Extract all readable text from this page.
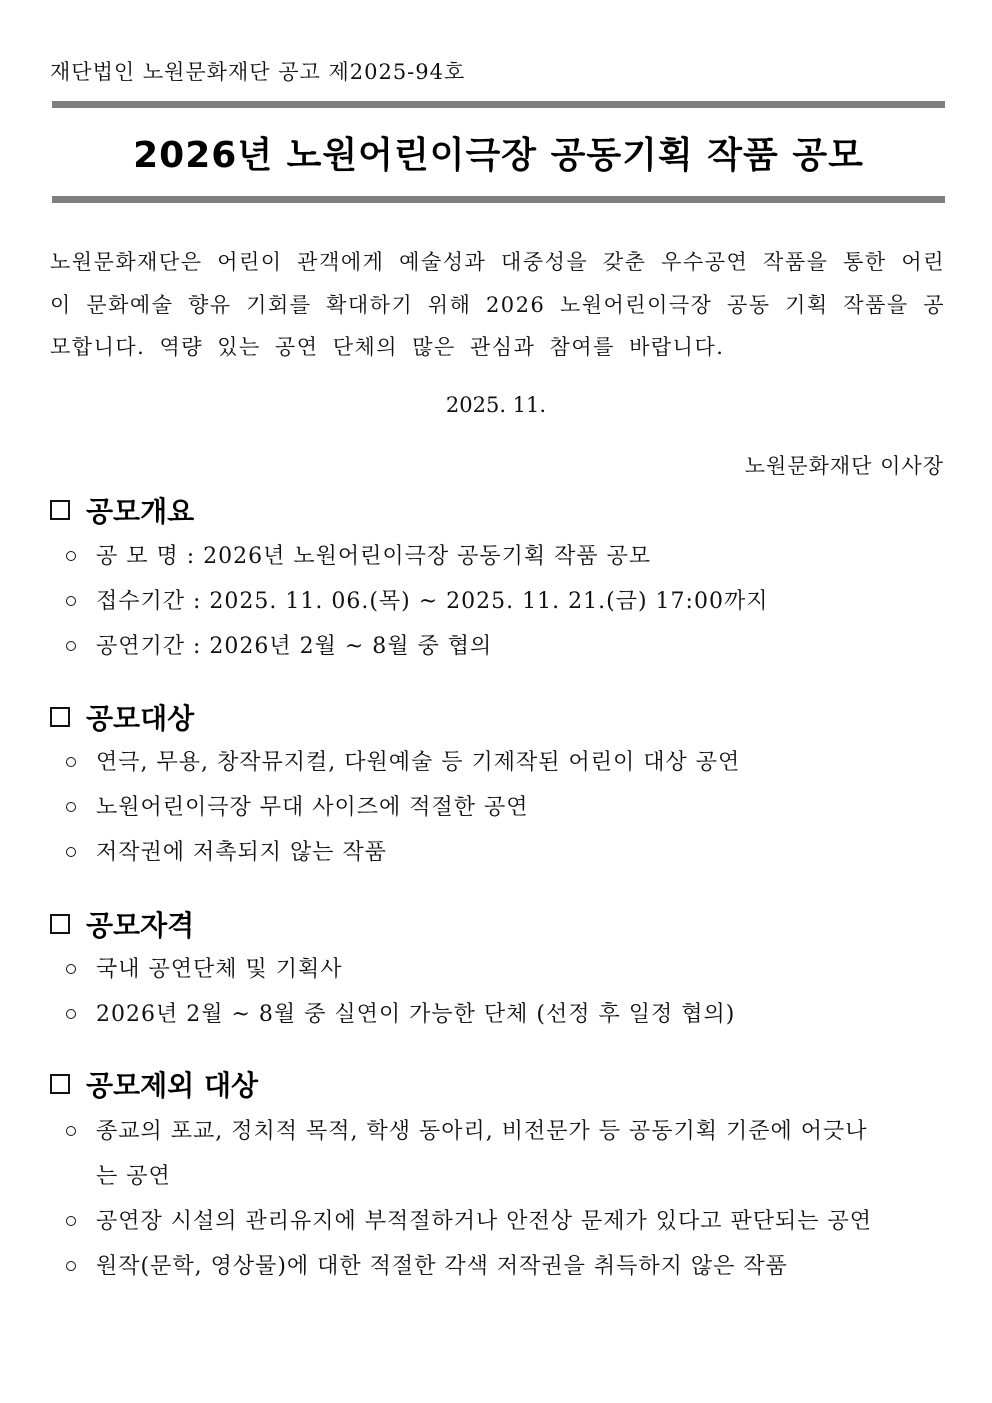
재단법인 노원문화재단 공고 제2025-94호
2026년 노원어린이극장 공동기획 작품 공모

노원문화재단은 어린이 관객에게 예술성과 대중성을 갖춘 우수공연 작품을 통한 어린이 문화예술 향유 기회를 확대하기 위해 2026 노원어린이극장 공동 기획 작품을 공모합니다. 역량 있는 공연 단체의 많은 관심과 참여를 바랍니다.

2025. 11.
노원문화재단 이사장
공모개요
공 모 명 : 2026년 노원어린이극장 공동기획 작품 공모
접수기간 : 2025. 11. 06.(목) ~ 2025. 11. 21.(금) 17:00까지
공연기간 : 2026년 2월 ~ 8월 중 협의
공모대상
연극, 무용, 창작뮤지컬, 다원예술 등 기제작된 어린이 대상 공연
노원어린이극장 무대 사이즈에 적절한 공연
저작권에 저촉되지 않는 작품
공모자격
국내 공연단체 및 기획사
2026년 2월 ~ 8월 중 실연이 가능한 단체 (선정 후 일정 협의)
공모제외 대상
종교의 포교, 정치적 목적, 학생 동아리, 비전문가 등 공동기획 기준에 어긋나는 공연
공연장 시설의 관리유지에 부적절하거나 안전상 문제가 있다고 판단되는 공연
원작(문학, 영상물)에 대한 적절한 각색 저작권을 취득하지 않은 작품
